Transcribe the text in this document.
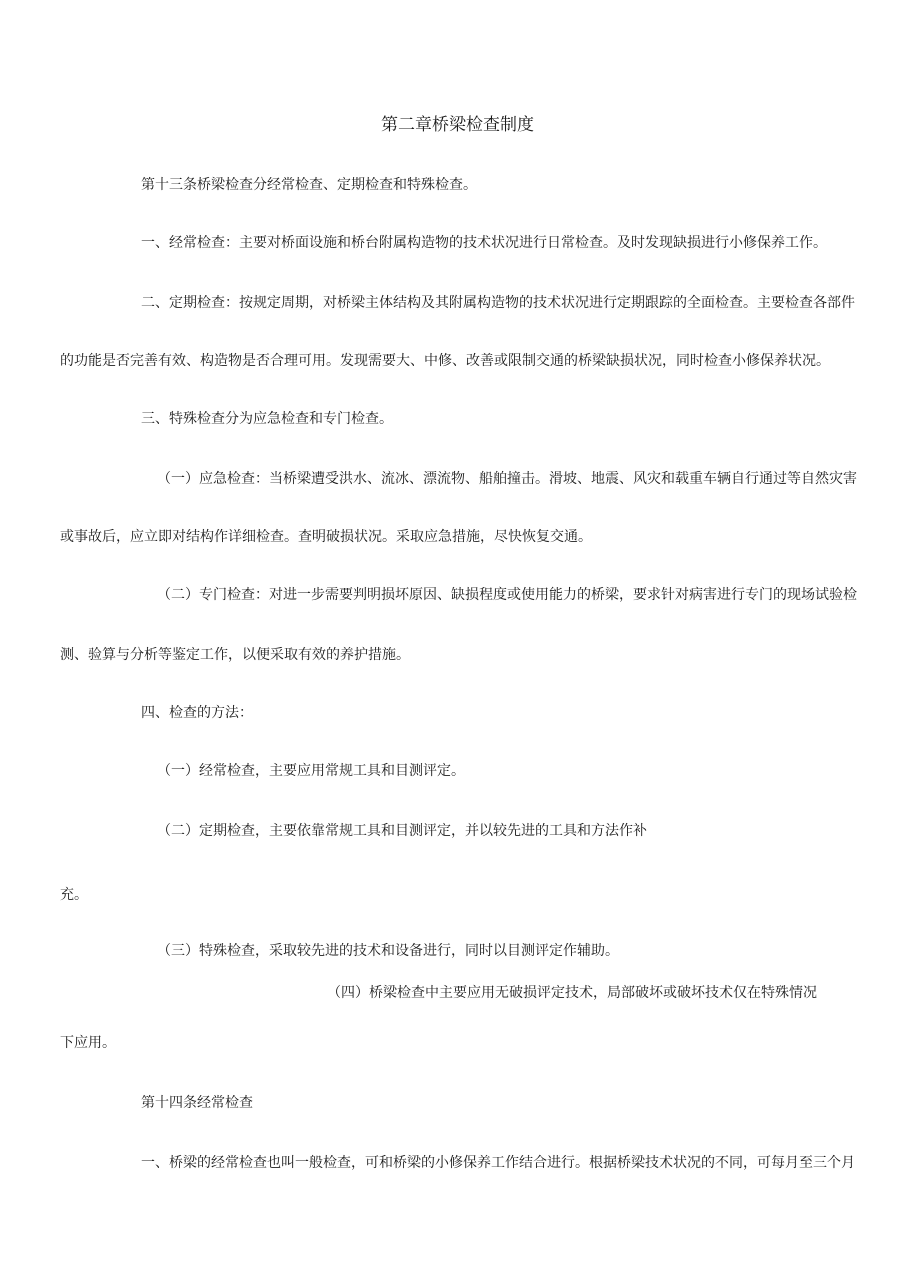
第二章桥梁检查制度
第十三条桥梁检查分经常检查、定期检查和特殊检查。
一、经常检查：主要对桥面设施和桥台附属构造物的技术状况进行日常检查。及时发现缺损进行小修保养工作。
二、定期检查：按规定周期，对桥梁主体结构及其附属构造物的技术状况进行定期跟踪的全面检查。主要检查各部件
的功能是否完善有效、构造物是否合理可用。发现需要大、中修、改善或限制交通的桥梁缺损状况，同时检查小修保养状况。
三、特殊检查分为应急检查和专门检查。
（一）应急检查：当桥梁遭受洪水、流冰、漂流物、船舶撞击。滑坡、地震、风灾和载重车辆自行通过等自然灾害
或事故后，应立即对结构作详细检查。查明破损状况。采取应急措施，尽快恢复交通。
（二）专门检查：对进一步需要判明损坏原因、缺损程度或使用能力的桥梁，要求针对病害进行专门的现场试验检
测、验算与分析等鉴定工作，以便采取有效的养护措施。
四、检查的方法：
（一）经常检查，主要应用常规工具和目测评定。
（二）定期检查，主要依靠常规工具和目测评定，并以较先进的工具和方法作补
充。
（三）特殊检查，采取较先进的技术和设备进行，同时以目测评定作辅助。
（四）桥梁检查中主要应用无破损评定技术，局部破坏或破坏技术仅在特殊情况
下应用。
第十四条经常检查
一、桥梁的经常检查也叫一般检查，可和桥梁的小修保养工作结合进行。根据桥梁技术状况的不同，可每月至三个月
